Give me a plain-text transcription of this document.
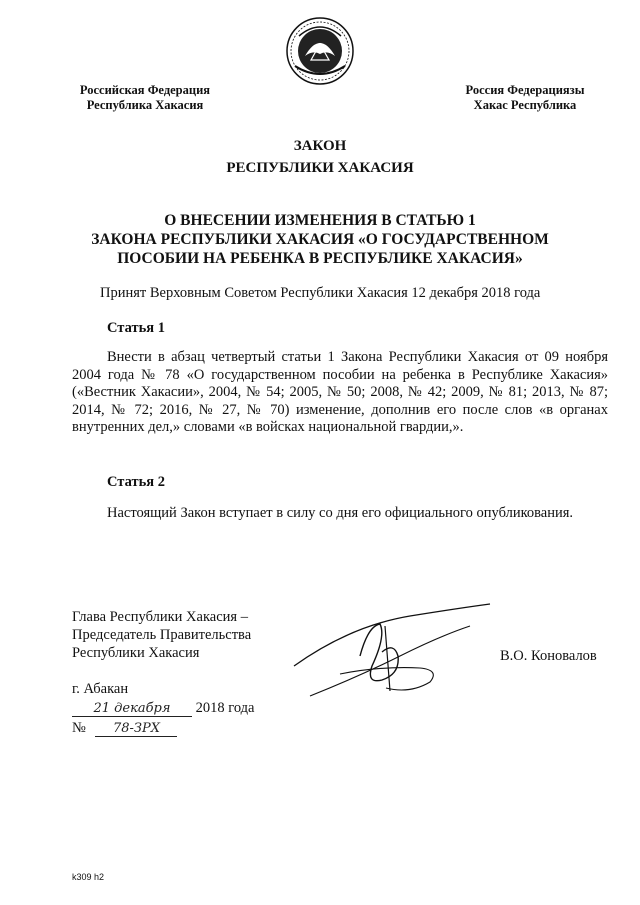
Российская Федерация
Республика Хакасия
Россия Федерациязы
Хакас Республика
ЗАКОН
РЕСПУБЛИКИ ХАКАСИЯ
О ВНЕСЕНИИ ИЗМЕНЕНИЯ В СТАТЬЮ 1
ЗАКОНА РЕСПУБЛИКИ ХАКАСИЯ «О ГОСУДАРСТВЕННОМ
ПОСОБИИ НА РЕБЕНКА В РЕСПУБЛИКЕ ХАКАСИЯ»
Принят Верховным Советом Республики Хакасия 12 декабря 2018 года
Статья 1
Внести в абзац четвертый статьи 1 Закона Республики Хакасия от 09 ноября 2004 года № 78 «О государственном пособии на ребенка в Республике Хакасия» («Вестник Хакасии», 2004, № 54; 2005, № 50; 2008, № 42; 2009, № 81; 2013, № 87; 2014, № 72; 2016, № 27, № 70) изменение, дополнив его после слов «в органах внутренних дел,» словами «в войсках национальной гвардии,».
Статья 2
Настоящий Закон вступает в силу со дня его официального опубликования.
Глава Республики Хакасия –
Председатель Правительства
Республики Хакасия	В.О. Коновалов
г. Абакан
21 декабря 2018 года
№ 78-ЗРХ
k309 h2
